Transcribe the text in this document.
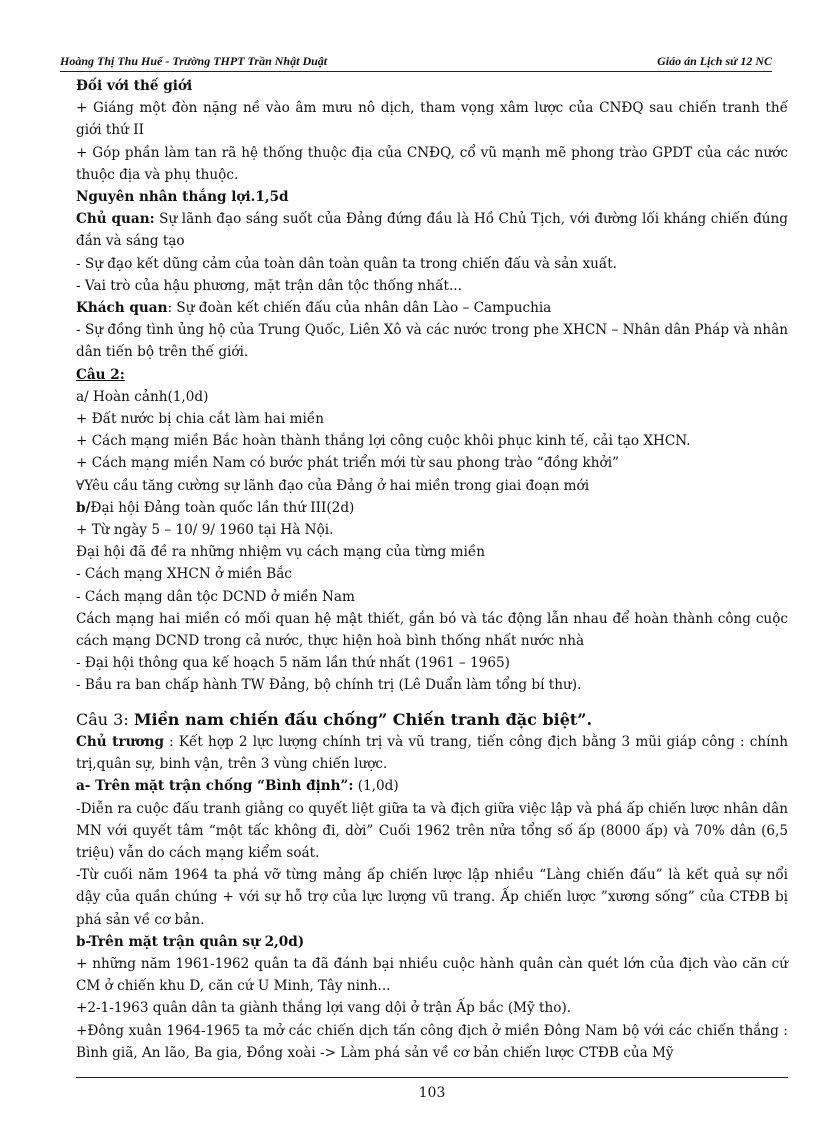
Hoàng Thị Thu Huế - Trường THPT Trần Nhật Duật	Giáo án Lịch sử 12 NC

Đối với thế giới

+ Giáng một đòn nặng nề vào âm mưu nô dịch, tham vọng xâm lược của CNĐQ sau chiến tranh thế giới thứ II

+ Góp phần làm tan rã hệ thống thuộc địa của CNĐQ, cổ vũ mạnh mẽ phong trào GPDT của các nước thuộc địa và phụ thuộc.

Nguyên nhân thắng lợi.1,5d

Chủ quan: Sự lãnh đạo sáng suốt của Đảng đứng đầu là Hồ Chủ Tịch, với đường lối kháng chiến đúng đắn và sáng tạo

- Sự đạo kết dũng cảm của toàn dân toàn quân ta trong chiến đấu và sản xuất.

- Vai trò của hậu phương, mặt trận dân tộc thống nhất...

Khách quan: Sự đoàn kết chiến đấu của nhân dân Lào – Campuchia

- Sự đồng tình ủng hộ của Trung Quốc, Liên Xô và các nước trong phe XHCN – Nhân dân Pháp và nhân dân tiến bộ trên thế giới.

Câu 2:

a/ Hoàn cảnh(1,0d)

+ Đất nước bị chia cắt làm hai miền

+ Cách mạng miền Bắc hoàn thành thắng lợi công cuộc khôi phục kinh tế, cải tạo XHCN.

+ Cách mạng miền Nam có bước phát triển mới từ sau phong trào “đồng khởi”

∀Yêu cầu tăng cường sự lãnh đạo của Đảng ở hai miền trong giai đoạn mới

b/Đại hội Đảng toàn quốc lần thứ III(2d)

+ Từ ngày 5 – 10/ 9/ 1960 tại Hà Nội.

Đại hội đã đề ra những nhiệm vụ cách mạng của từng miền

- Cách mạng XHCN ở miền Bắc

- Cách mạng dân tộc DCND ở miền Nam

Cách mạng hai miền có mối quan hệ mật thiết, gắn bó và tác động lẫn nhau để hoàn thành công cuộc cách mạng DCND trong cả nước, thực hiện hoà bình thống nhất nước nhà

- Đại hội thông qua kế hoạch 5 năm lần thứ nhất (1961 – 1965)

- Bầu ra ban chấp hành TW Đảng, bộ chính trị (Lê Duẩn làm tổng bí thư).

Câu 3: Miền nam chiến đấu chống” Chiến tranh đặc biệt”.

Chủ trương : Kết hợp 2 lực lượng chính trị và vũ trang, tiến công địch bằng 3 mũi giáp công : chính trị,quân sự, binh vận, trên 3 vùng chiến lược.

a- Trên mặt trận chống “Bình định”: (1,0d)

-Diễn ra cuộc đấu tranh giằng co quyết liệt giữa ta và địch giữa việc lập và phá ấp chiến lược nhân dân MN với quyết tâm “một tấc không đi, dời” Cuối 1962 trên nửa tổng số ấp (8000 ấp) và 70% dân (6,5 triệu) vẫn do cách mạng kiểm soát.

-Từ cuối năm 1964 ta phá vỡ từng mảng ấp chiến lược lập nhiều “Làng chiến đấu” là kết quả sự nổi dậy của quần chúng + với sự hỗ trợ của lực lượng vũ trang. Ấp chiến lược ”xương sống” của CTĐB bị phá sản về cơ bản.

b-Trên mặt trận quân sự 2,0d)

+ những năm 1961-1962 quân ta đã đánh bại nhiều cuộc hành quân càn quét lớn của địch vào căn cứ CM ở chiến khu D, căn cứ U Minh, Tây ninh...

+2-1-1963 quân dân ta giành thắng lợi vang dội ở trận Ấp bắc (Mỹ tho).

+Đông xuân 1964-1965 ta mở các chiến dịch tấn công địch ở miền Đông Nam bộ với các chiến thắng : Bình giã, An lão, Ba gia, Đồng xoài -> Làm phá sản về cơ bản chiến lược CTĐB của Mỹ

103
